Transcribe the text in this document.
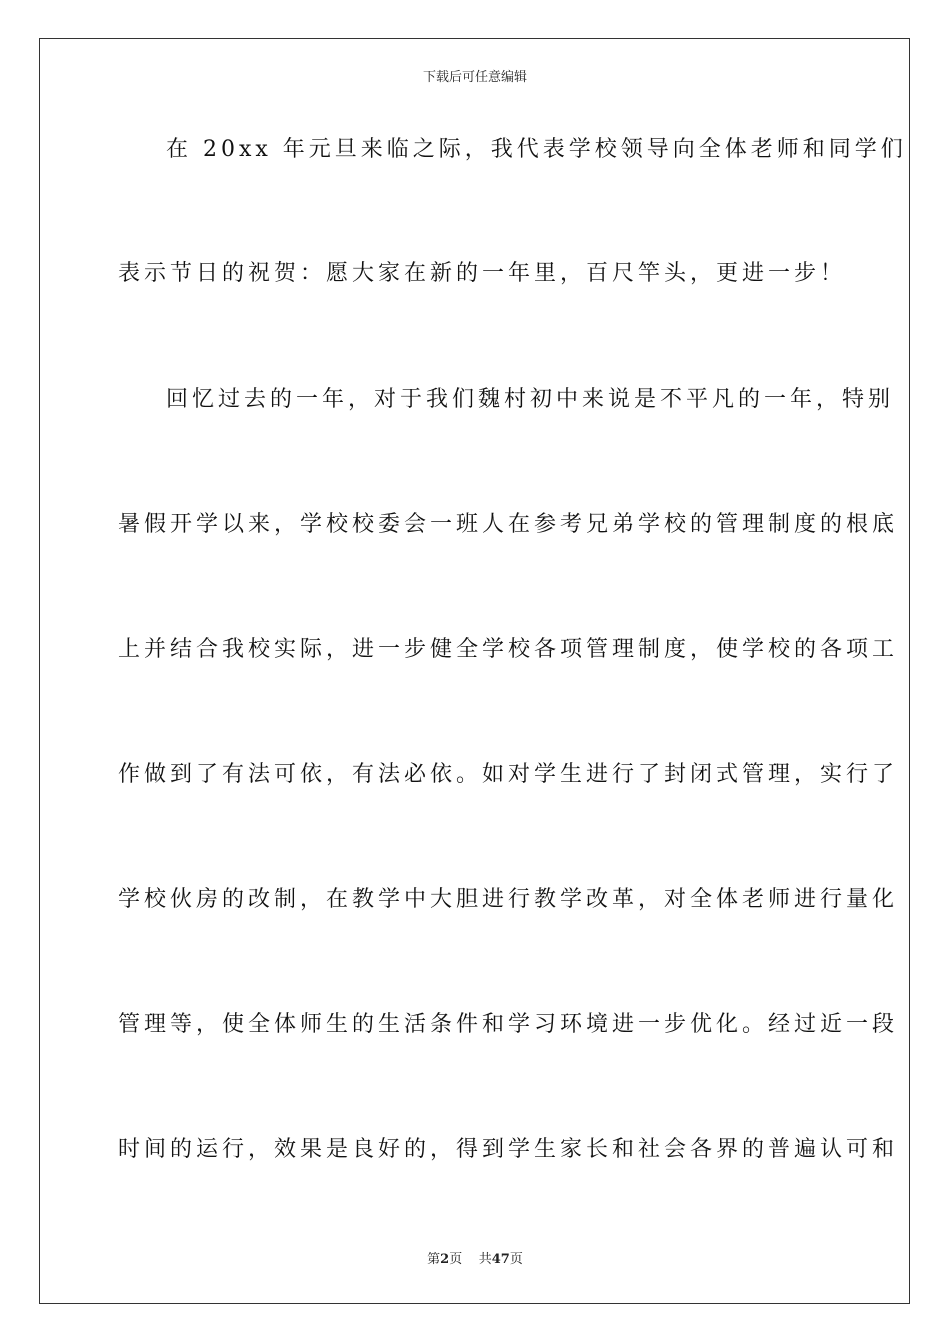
下载后可任意编辑
在 20xx 年元旦来临之际，我代表学校领导向全体老师和同学们
表示节日的祝贺：愿大家在新的一年里，百尺竿头，更进一步！
回忆过去的一年，对于我们魏村初中来说是不平凡的一年，特别
暑假开学以来，学校校委会一班人在参考兄弟学校的管理制度的根底
上并结合我校实际，进一步健全学校各项管理制度，使学校的各项工
作做到了有法可依，有法必依。如对学生进行了封闭式管理，实行了
学校伙房的改制，在教学中大胆进行教学改革，对全体老师进行量化
管理等，使全体师生的生活条件和学习环境进一步优化。经过近一段
时间的运行，效果是良好的，得到学生家长和社会各界的普遍认可和
第2页 共47页
